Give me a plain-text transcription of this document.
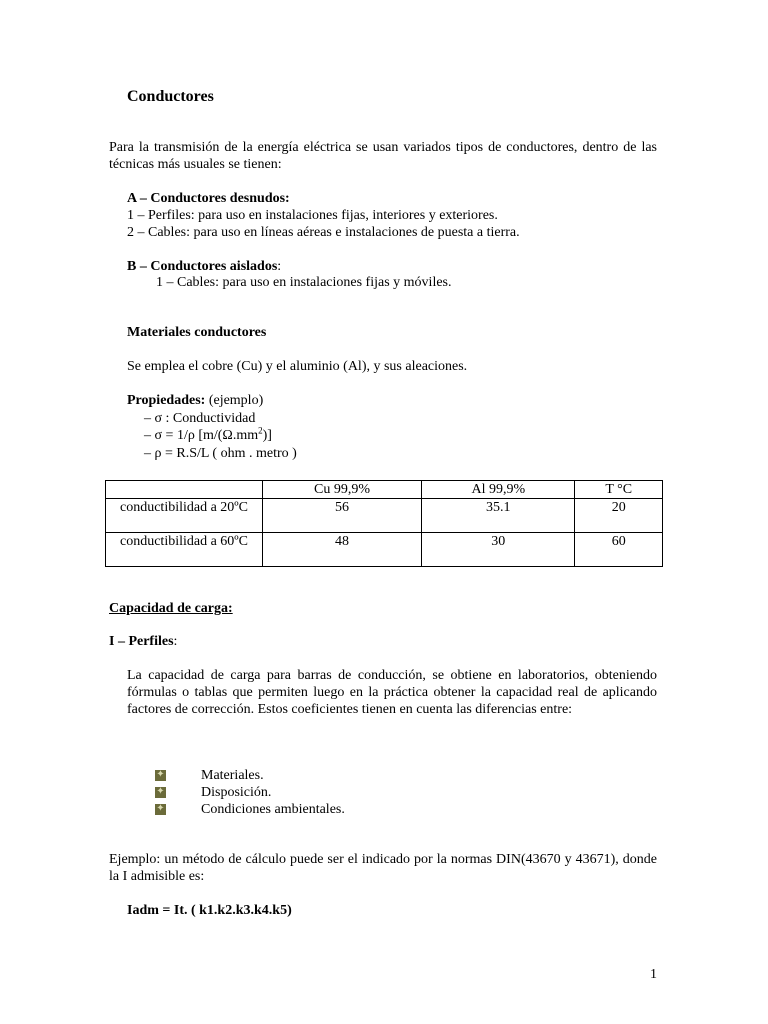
Conductores
Para la transmisión de la energía eléctrica se usan variados tipos de conductores, dentro de las técnicas más usuales se tienen:
A – Conductores desnudos:
1 – Perfiles: para uso en instalaciones fijas, interiores y exteriores.
2 – Cables: para uso en líneas aéreas e instalaciones de puesta a tierra.
B – Conductores aislados:
1 – Cables: para uso en instalaciones fijas y móviles.
Materiales conductores
Se emplea el cobre (Cu) y el aluminio (Al), y sus aleaciones.
Propiedades: (ejemplo)
– σ : Conductividad
– σ = 1/ρ $[m/(\Omega.mm^2)]$
– ρ = R.S/L ( ohm . metro )
	Cu 99,9%	Al 99,9%	T °C
conductibilidad a 20ºC	56	35.1	20
conductibilidad a 60ºC	48	30	60
Capacidad de carga:
I – Perfiles:
La capacidad de carga para barras de conducción, se obtiene en laboratorios, obteniendo fórmulas o tablas que permiten luego en la práctica obtener la capacidad real de aplicando factores de corrección. Estos coeficientes tienen en cuenta las diferencias entre:
✦
Materiales.
✦
Disposición.
✦
Condiciones ambientales.
Ejemplo: un método de cálculo puede ser el indicado por la normas DIN(43670 y 43671), donde la I admisible es:
Iadm = It. ( k1.k2.k3.k4.k5)
1
